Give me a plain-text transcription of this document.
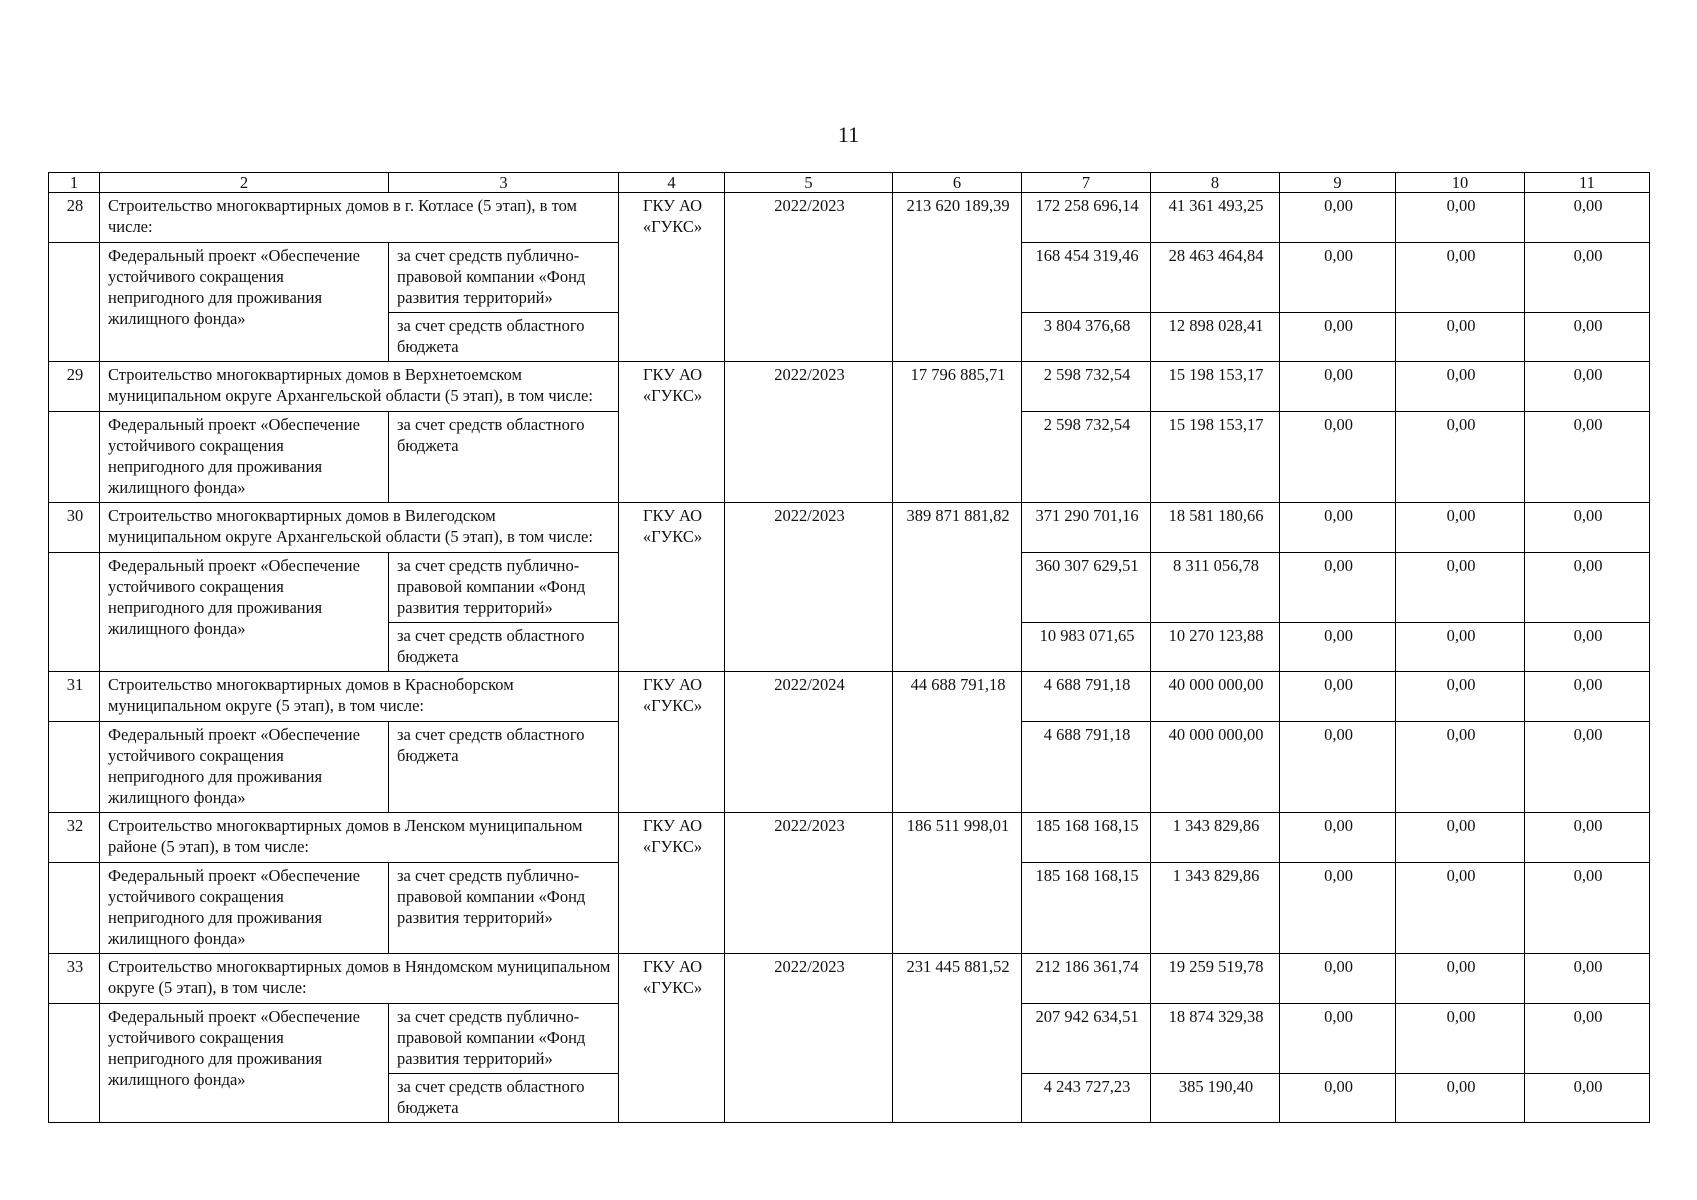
11
1	2	3	4	5	6	7	8	9	10	11
28	Строительство многоквартирных домов в г. Котласе (5 этап), в том числе:		ГКУ АО «ГУКС»	2022/2023	213 620 189,39	172 258 696,14	41 361 493,25	0,00	0,00	0,00
	Федеральный проект «Обеспечение устойчивого сокращения непригодного для проживания жилищного фонда»	за счет средств публично-правовой компании «Фонд развития территорий»				168 454 319,46	28 463 464,84	0,00	0,00	0,00
		за счет средств областного бюджета				3 804 376,68	12 898 028,41	0,00	0,00	0,00
29	Строительство многоквартирных домов в Верхнетоемском муниципальном округе Архангельской области (5 этап), в том числе:		ГКУ АО «ГУКС»	2022/2023	17 796 885,71	2 598 732,54	15 198 153,17	0,00	0,00	0,00
	Федеральный проект «Обеспечение устойчивого сокращения непригодного для проживания жилищного фонда»	за счет средств областного бюджета				2 598 732,54	15 198 153,17	0,00	0,00	0,00
30	Строительство многоквартирных домов в Вилегодском муниципальном округе Архангельской области (5 этап), в том числе:		ГКУ АО «ГУКС»	2022/2023	389 871 881,82	371 290 701,16	18 581 180,66	0,00	0,00	0,00
	Федеральный проект «Обеспечение устойчивого сокращения непригодного для проживания жилищного фонда»	за счет средств публично-правовой компании «Фонд развития территорий»				360 307 629,51	8 311 056,78	0,00	0,00	0,00
		за счет средств областного бюджета				10 983 071,65	10 270 123,88	0,00	0,00	0,00
31	Строительство многоквартирных домов в Красноборском муниципальном округе (5 этап), в том числе:		ГКУ АО «ГУКС»	2022/2024	44 688 791,18	4 688 791,18	40 000 000,00	0,00	0,00	0,00
	Федеральный проект «Обеспечение устойчивого сокращения непригодного для проживания жилищного фонда»	за счет средств областного бюджета				4 688 791,18	40 000 000,00	0,00	0,00	0,00
32	Строительство многоквартирных домов в Ленском муниципальном районе (5 этап), в том числе:		ГКУ АО «ГУКС»	2022/2023	186 511 998,01	185 168 168,15	1 343 829,86	0,00	0,00	0,00
	Федеральный проект «Обеспечение устойчивого сокращения непригодного для проживания жилищного фонда»	за счет средств публично-правовой компании «Фонд развития территорий»				185 168 168,15	1 343 829,86	0,00	0,00	0,00
33	Строительство многоквартирных домов в Няндомском муниципальном округе (5 этап), в том числе:		ГКУ АО «ГУКС»	2022/2023	231 445 881,52	212 186 361,74	19 259 519,78	0,00	0,00	0,00
	Федеральный проект «Обеспечение устойчивого сокращения непригодного для проживания жилищного фонда»	за счет средств публично-правовой компании «Фонд развития территорий»				207 942 634,51	18 874 329,38	0,00	0,00	0,00
		за счет средств областного бюджета				4 243 727,23	385 190,40	0,00	0,00	0,00
